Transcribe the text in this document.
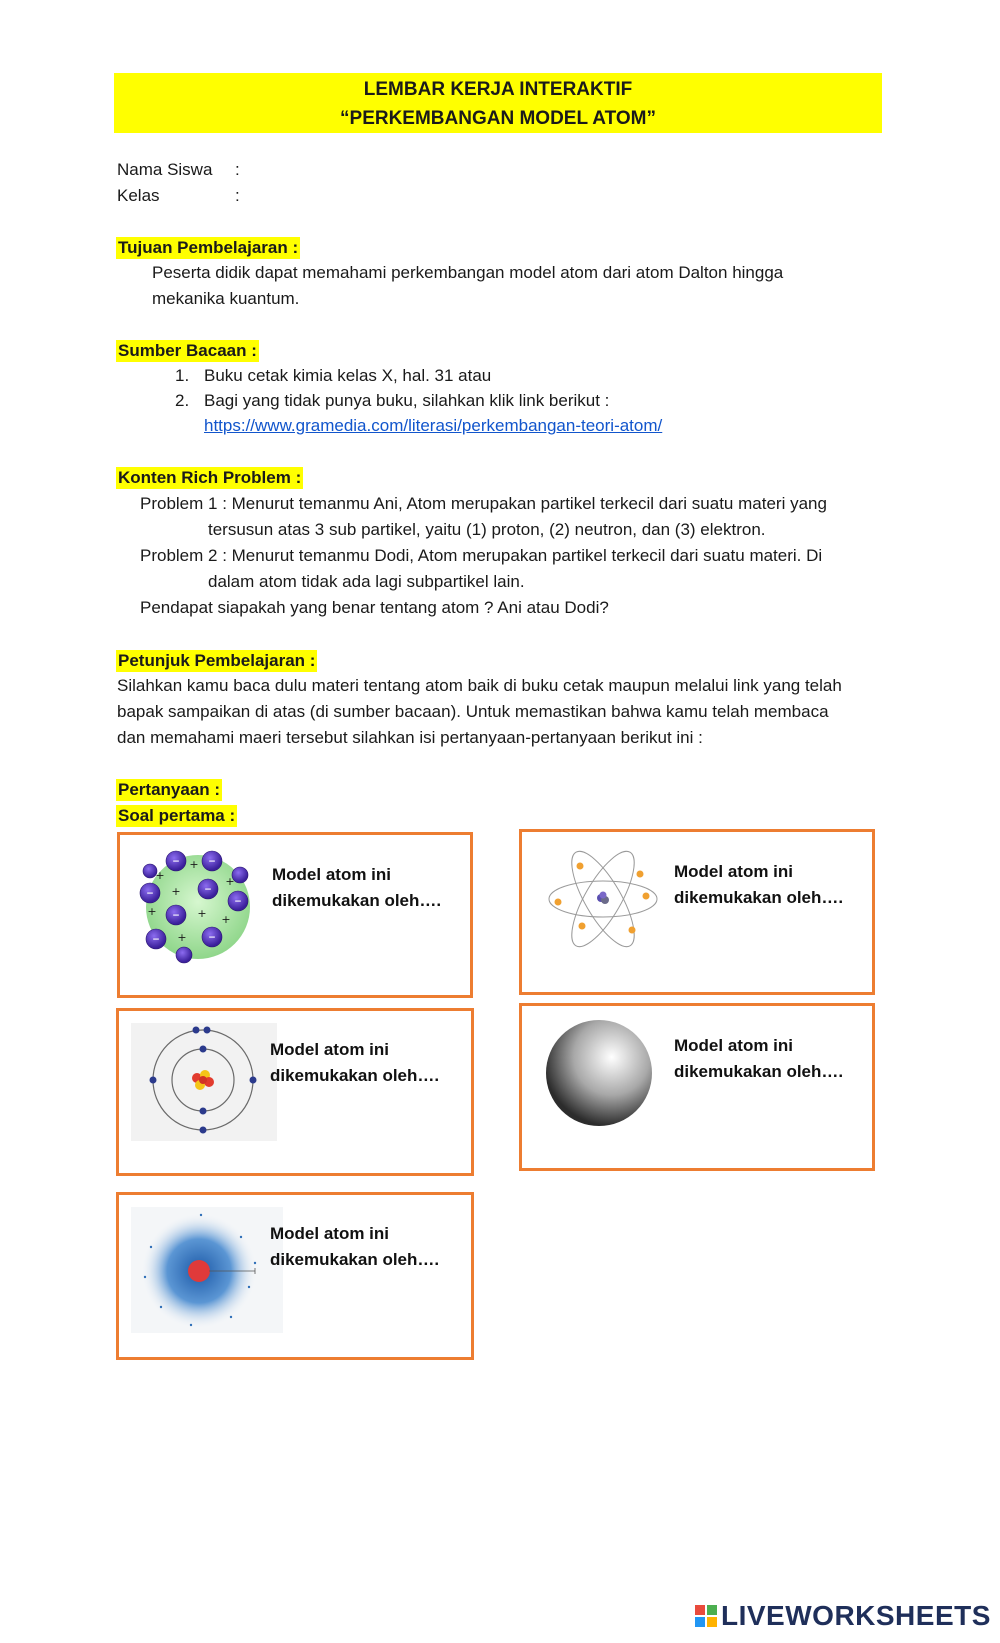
LEMBAR KERJA INTERAKTIF
“PERKEMBANGAN MODEL ATOM”
Nama Siswa :
Kelas	:
Tujuan Pembelajaran :
Peserta didik dapat memahami perkembangan model atom dari atom Dalton hingga
mekanika kuantum.
Sumber Bacaan :
1. Buku cetak kimia kelas X, hal. 31 atau
2. Bagi yang tidak punya buku, silahkan klik link berikut :
https://www.gramedia.com/literasi/perkembangan-teori-atom/
Konten Rich Problem :
Problem 1 : Menurut temanmu Ani, Atom merupakan partikel terkecil dari suatu materi yang
tersusun atas 3 sub partikel, yaitu (1) proton, (2) neutron, dan (3) elektron.
Problem 2 : Menurut temanmu Dodi, Atom merupakan partikel terkecil dari suatu materi. Di
dalam atom tidak ada lagi subpartikel lain.
Pendapat siapakah yang benar tentang atom ? Ani atau Dodi?
Petunjuk Pembelajaran :
Silahkan kamu baca dulu materi tentang atom baik di buku cetak maupun melalui link yang telah
bapak sampaikan di atas (di sumber bacaan). Untuk memastikan bahwa kamu telah membaca
dan memahami maeri tersebut silahkan isi pertanyaan-pertanyaan berikut ini :
Pertanyaan :
Soal pertama :
−	−
−	−
−
−
−
−
+
+	+
+
+	+ +
+
Model atom ini
dikemukakan oleh….
Model atom ini
dikemukakan oleh….
Model atom ini
dikemukakan oleh….
Model atom ini
dikemukakan oleh….
Model atom ini
dikemukakan oleh….
LIVEWORKSHEETS
